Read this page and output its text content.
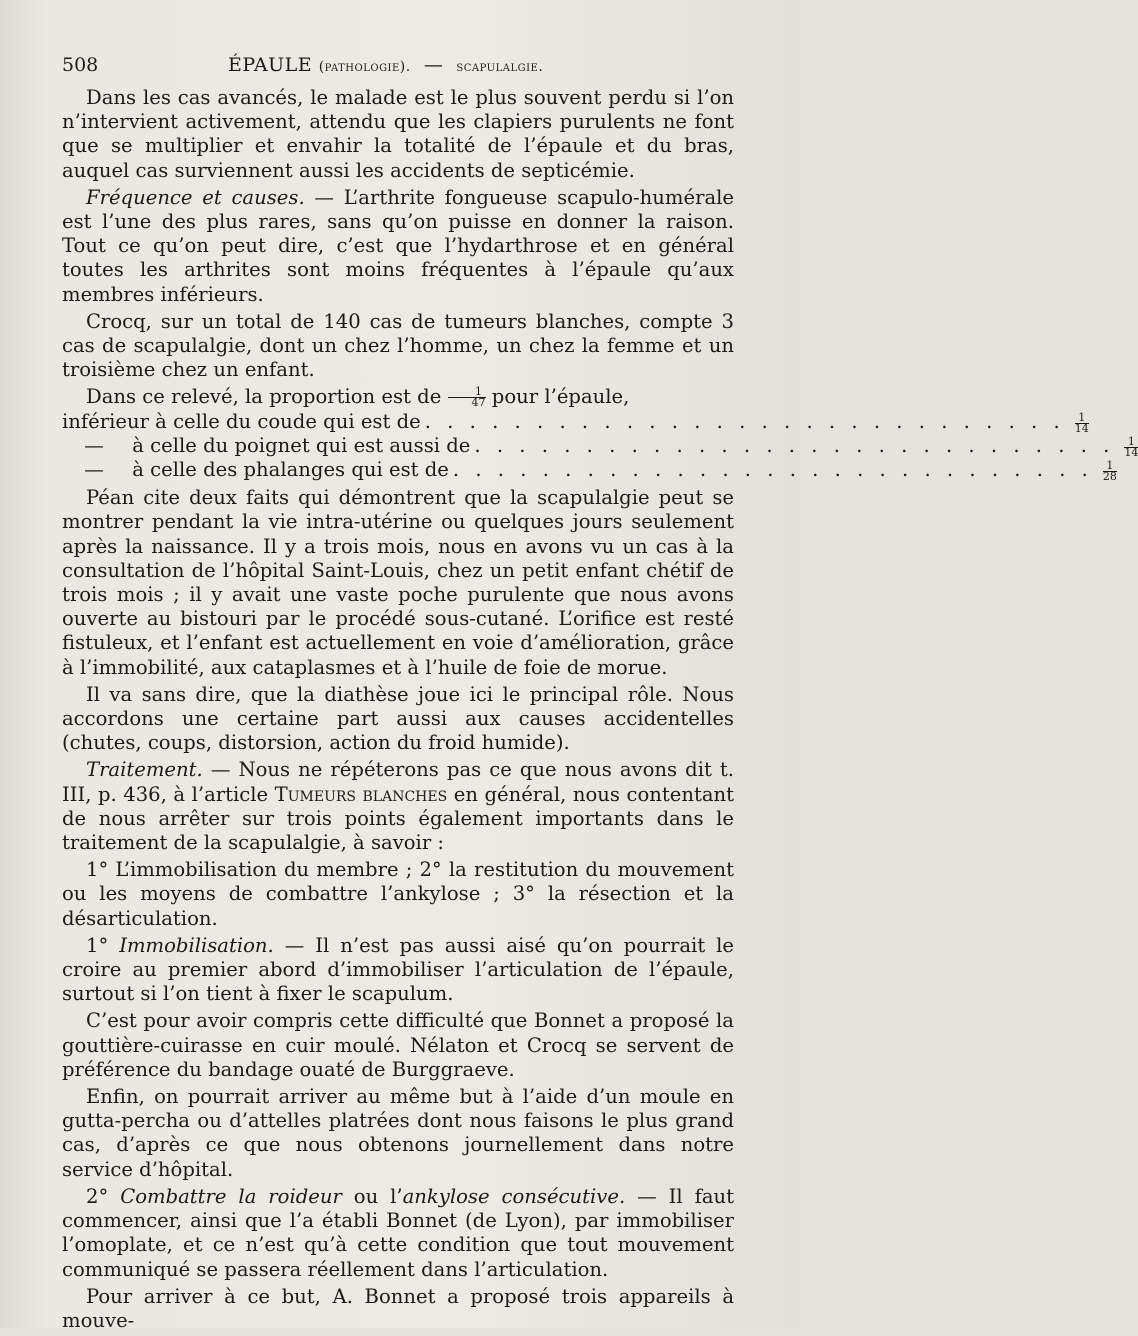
508	ÉPAULE (pathologie). — scapulalgie.

Dans les cas avancés, le malade est le plus souvent perdu si l’on n’intervient activement, attendu que les clapiers purulents ne font que se multiplier et envahir la totalité de l’épaule et du bras, auquel cas surviennent aussi les accidents de septicémie.

Fréquence et causes. — L’arthrite fongueuse scapulo-humérale est l’une des plus rares, sans qu’on puisse en donner la raison. Tout ce qu’on peut dire, c’est que l’hydarthrose et en général toutes les arthrites sont moins fréquentes à l’épaule qu’aux membres inférieurs.

Crocq, sur un total de 140 cas de tumeurs blanches, compte 3 cas de scapulalgie, dont un chez l’homme, un chez la femme et un troisième chez un enfant.

Dans ce relevé, la proportion est de $\frac{1}{47}$ pour l’épaule,

inférieur à celle du coude qui est de . . . . . . . . . . . . . . . . . . . . . . . . . . . . . $\frac{1}{14}$
— à celle du poignet qui est aussi de . . . . . . . . . . . . . . . . . . . . . . . . . . . . . $\frac{1}{14}$
— à celle des phalanges qui est de . . . . . . . . . . . . . . . . . . . . . . . . . . . . . $\frac{1}{28}$

Péan cite deux faits qui démontrent que la scapulalgie peut se montrer pendant la vie intra-utérine ou quelques jours seulement après la naissance. Il y a trois mois, nous en avons vu un cas à la consultation de l’hôpital Saint-Louis, chez un petit enfant chétif de trois mois ; il y avait une vaste poche purulente que nous avons ouverte au bistouri par le procédé sous-cutané. L’orifice est resté fistuleux, et l’enfant est actuellement en voie d’amélioration, grâce à l’immobilité, aux cataplasmes et à l’huile de foie de morue.

Il va sans dire, que la diathèse joue ici le principal rôle. Nous accordons une certaine part aussi aux causes accidentelles (chutes, coups, distorsion, action du froid humide).

Traitement. — Nous ne répéterons pas ce que nous avons dit t. III, p. 436, à l’article Tumeurs blanches en général, nous contentant de nous arrêter sur trois points également importants dans le traitement de la scapulalgie, à savoir :

1° L’immobilisation du membre ; 2° la restitution du mouvement ou les moyens de combattre l’ankylose ; 3° la résection et la désarticulation.

1° Immobilisation. — Il n’est pas aussi aisé qu’on pourrait le croire au premier abord d’immobiliser l’articulation de l’épaule, surtout si l’on tient à fixer le scapulum.

C’est pour avoir compris cette difficulté que Bonnet a proposé la gouttière-cuirasse en cuir moulé. Nélaton et Crocq se servent de préférence du bandage ouaté de Burggraeve.

Enfin, on pourrait arriver au même but à l’aide d’un moule en gutta-percha ou d’attelles platrées dont nous faisons le plus grand cas, d’après ce que nous obtenons journellement dans notre service d’hôpital.

2° Combattre la roideur ou l’ankylose consécutive. — Il faut commencer, ainsi que l’a établi Bonnet (de Lyon), par immobiliser l’omoplate, et ce n’est qu’à cette condition que tout mouvement communiqué se passera réellement dans l’articulation.

Pour arriver à ce but, A. Bonnet a proposé trois appareils à mouve-
